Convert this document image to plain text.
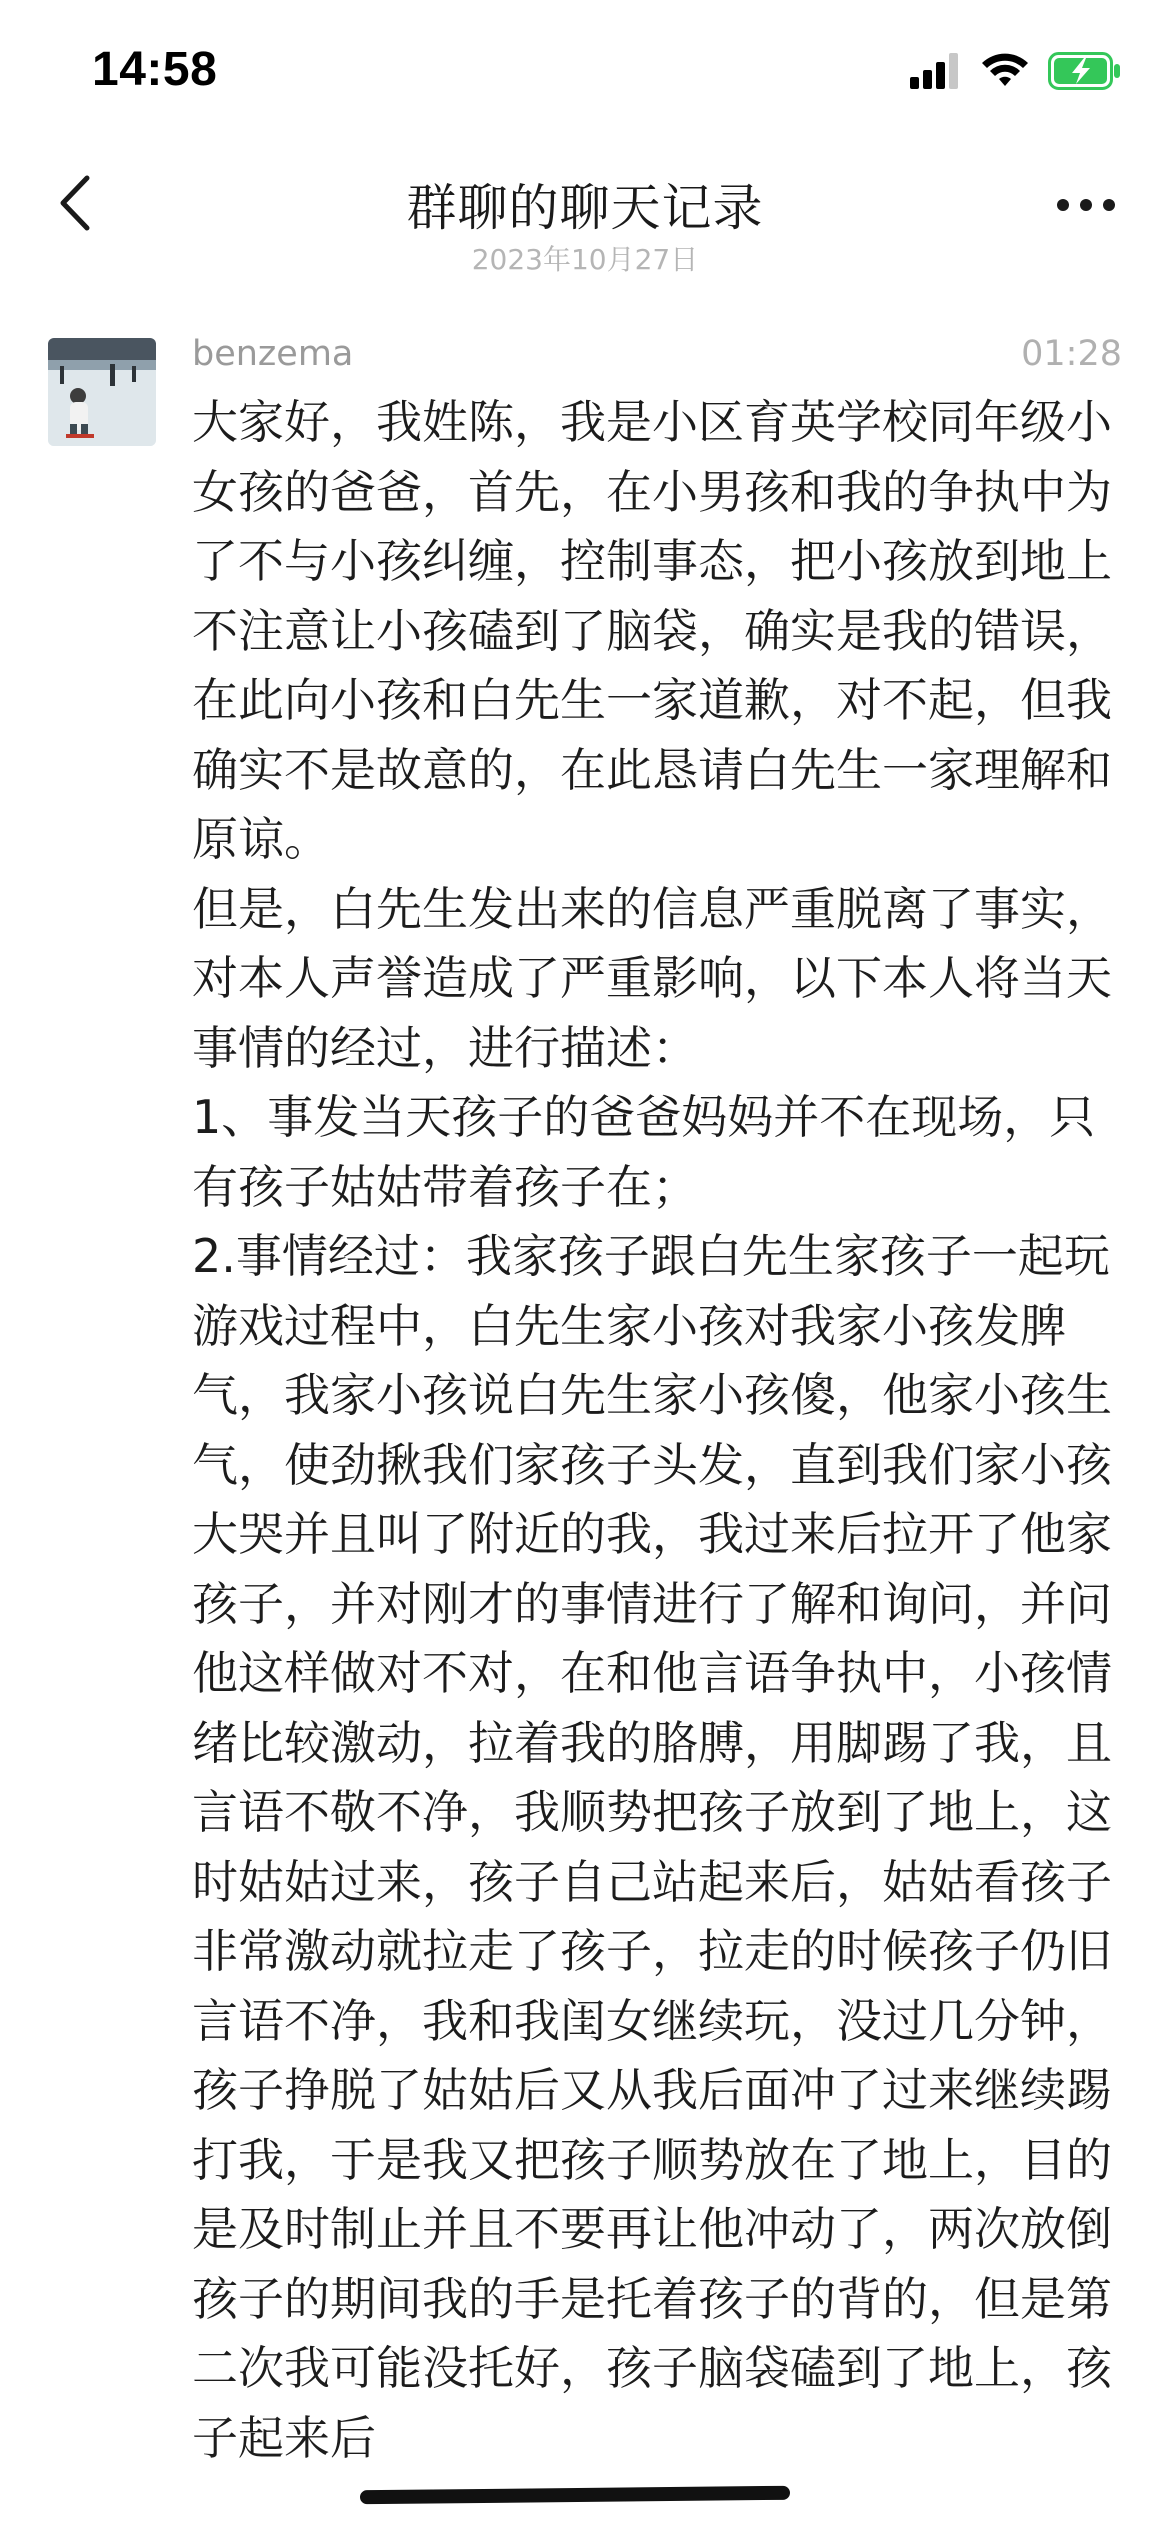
14:58
群聊的聊天记录
2023年10月27日
benzema	01:28
大家好，我姓陈，我是小区育英学校同年级小女孩的爸爸，首先，在小男孩和我的争执中为了不与小孩纠缠，控制事态，把小孩放到地上不注意让小孩磕到了脑袋，确实是我的错误，在此向小孩和白先生一家道歉，对不起，但我确实不是故意的，在此恳请白先生一家理解和原谅。
但是，白先生发出来的信息严重脱离了事实，对本人声誉造成了严重影响，以下本人将当天事情的经过，进行描述：
1、事发当天孩子的爸爸妈妈并不在现场，只有孩子姑姑带着孩子在；
2.事情经过：我家孩子跟白先生家孩子一起玩游戏过程中，白先生家小孩对我家小孩发脾气，我家小孩说白先生家小孩傻，他家小孩生气，使劲揪我们家孩子头发，直到我们家小孩大哭并且叫了附近的我，我过来后拉开了他家孩子，并对刚才的事情进行了解和询问，并问他这样做对不对，在和他言语争执中，小孩情绪比较激动，拉着我的胳膊，用脚踢了我，且言语不敬不净，我顺势把孩子放到了地上，这时姑姑过来，孩子自己站起来后，姑姑看孩子非常激动就拉走了孩子，拉走的时候孩子仍旧言语不净，我和我闺女继续玩，没过几分钟，孩子挣脱了姑姑后又从我后面冲了过来继续踢打我，于是我又把孩子顺势放在了地上，目的是及时制止并且不要再让他冲动了，两次放倒孩子的期间我的手是托着孩子的背的，但是第二次我可能没托好，孩子脑袋磕到了地上，孩子起来后
